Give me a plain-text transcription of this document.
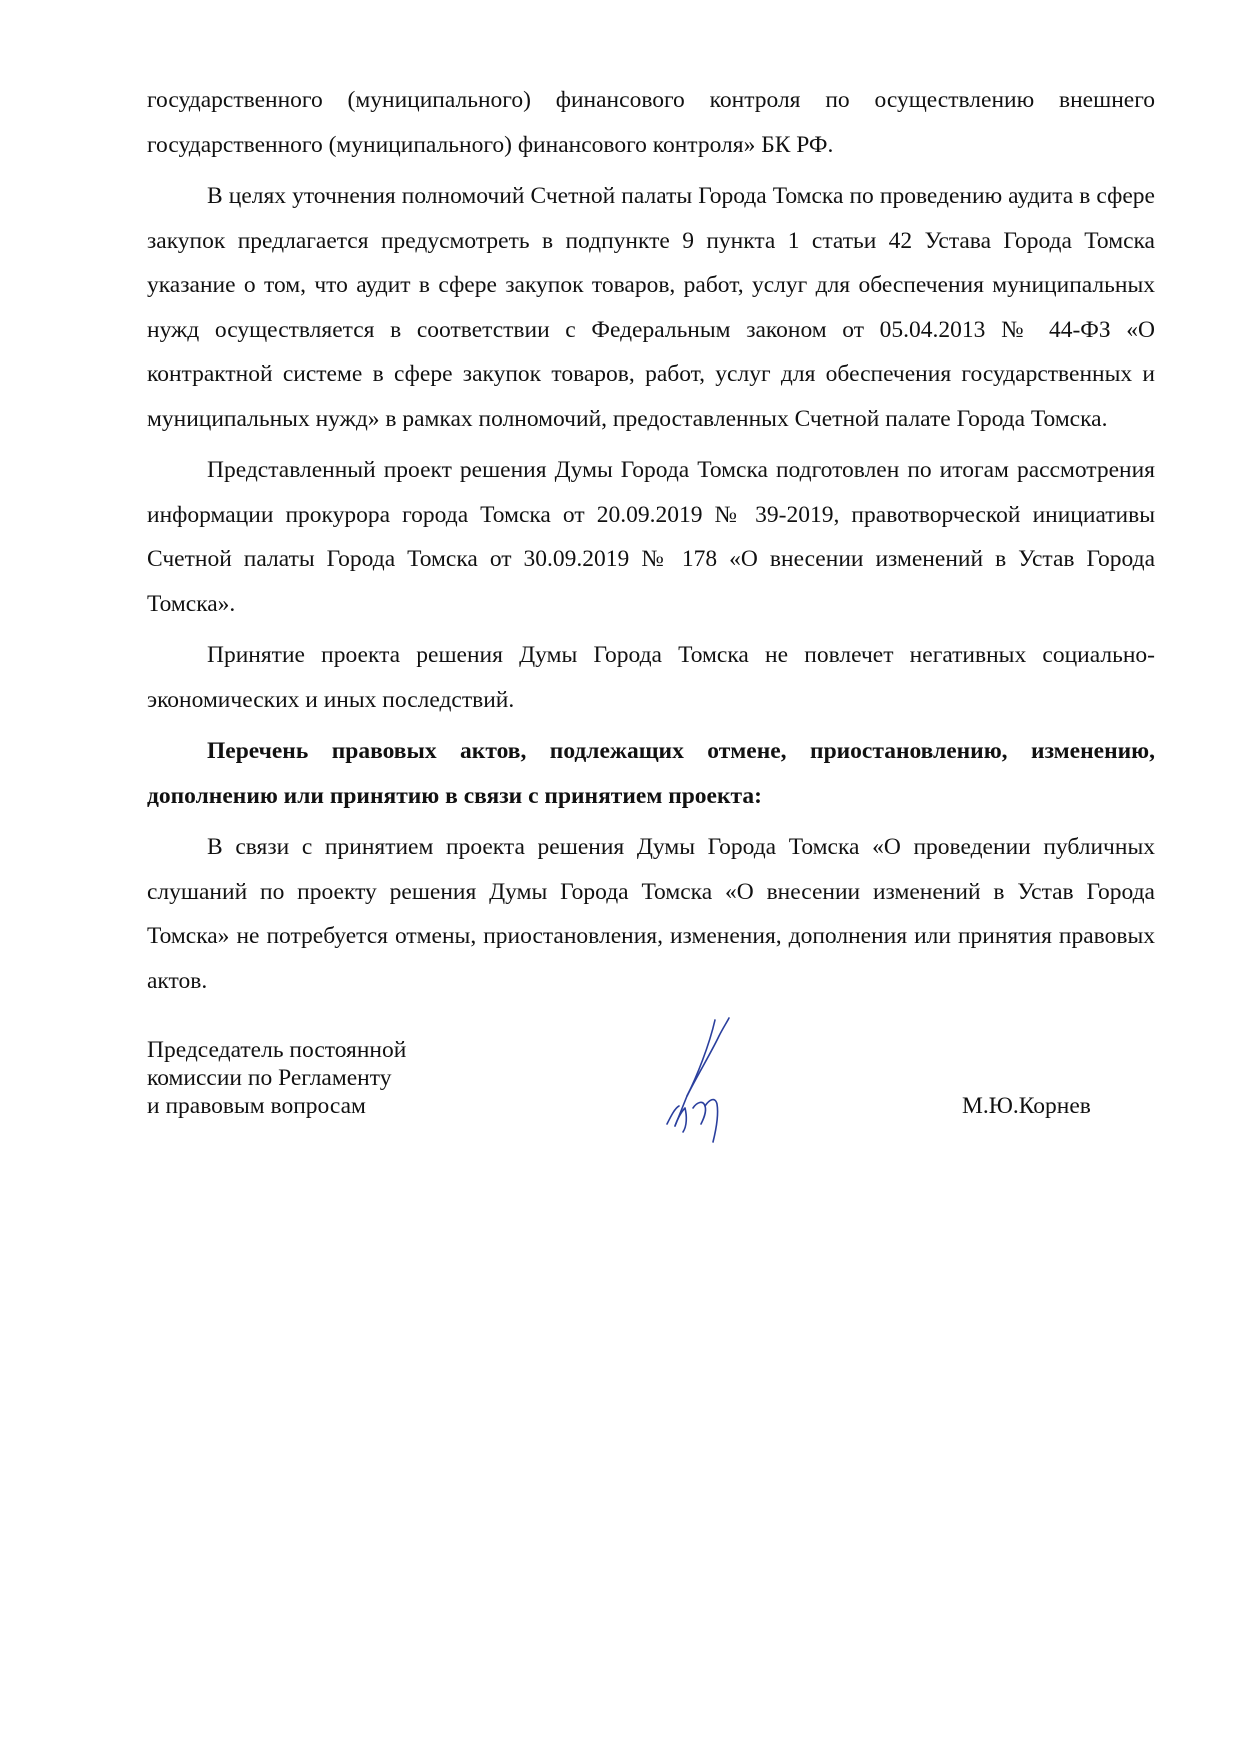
государственного (муниципального) финансового контроля по осуществлению внешнего государственного (муниципального) финансового контроля» БК РФ.

В целях уточнения полномочий Счетной палаты Города Томска по проведению аудита в сфере закупок предлагается предусмотреть в подпункте 9 пункта 1 статьи 42 Устава Города Томска указание о том, что аудит в сфере закупок товаров, работ, услуг для обеспечения муниципальных нужд осуществляется в соответствии с Федеральным законом от 05.04.2013 № 44-ФЗ «О контрактной системе в сфере закупок товаров, работ, услуг для обеспечения государственных и муниципальных нужд» в рамках полномочий, предоставленных Счетной палате Города Томска.

Представленный проект решения Думы Города Томска подготовлен по итогам рассмотрения информации прокурора города Томска от 20.09.2019 № 39-2019, правотворческой инициативы Счетной палаты Города Томска от 30.09.2019 № 178 «О внесении изменений в Устав Города Томска».

Принятие проекта решения Думы Города Томска не повлечет негативных социально-экономических и иных последствий.

Перечень правовых актов, подлежащих отмене, приостановлению, изменению, дополнению или принятию в связи с принятием проекта:

В связи с принятием проекта решения Думы Города Томска «О проведении публичных слушаний по проекту решения Думы Города Томска «О внесении изменений в Устав Города Томска» не потребуется отмены, приостановления, изменения, дополнения или принятия правовых актов.

Председатель постоянной
комиссии по Регламенту
и правовым вопросам	М.Ю.Корнев
